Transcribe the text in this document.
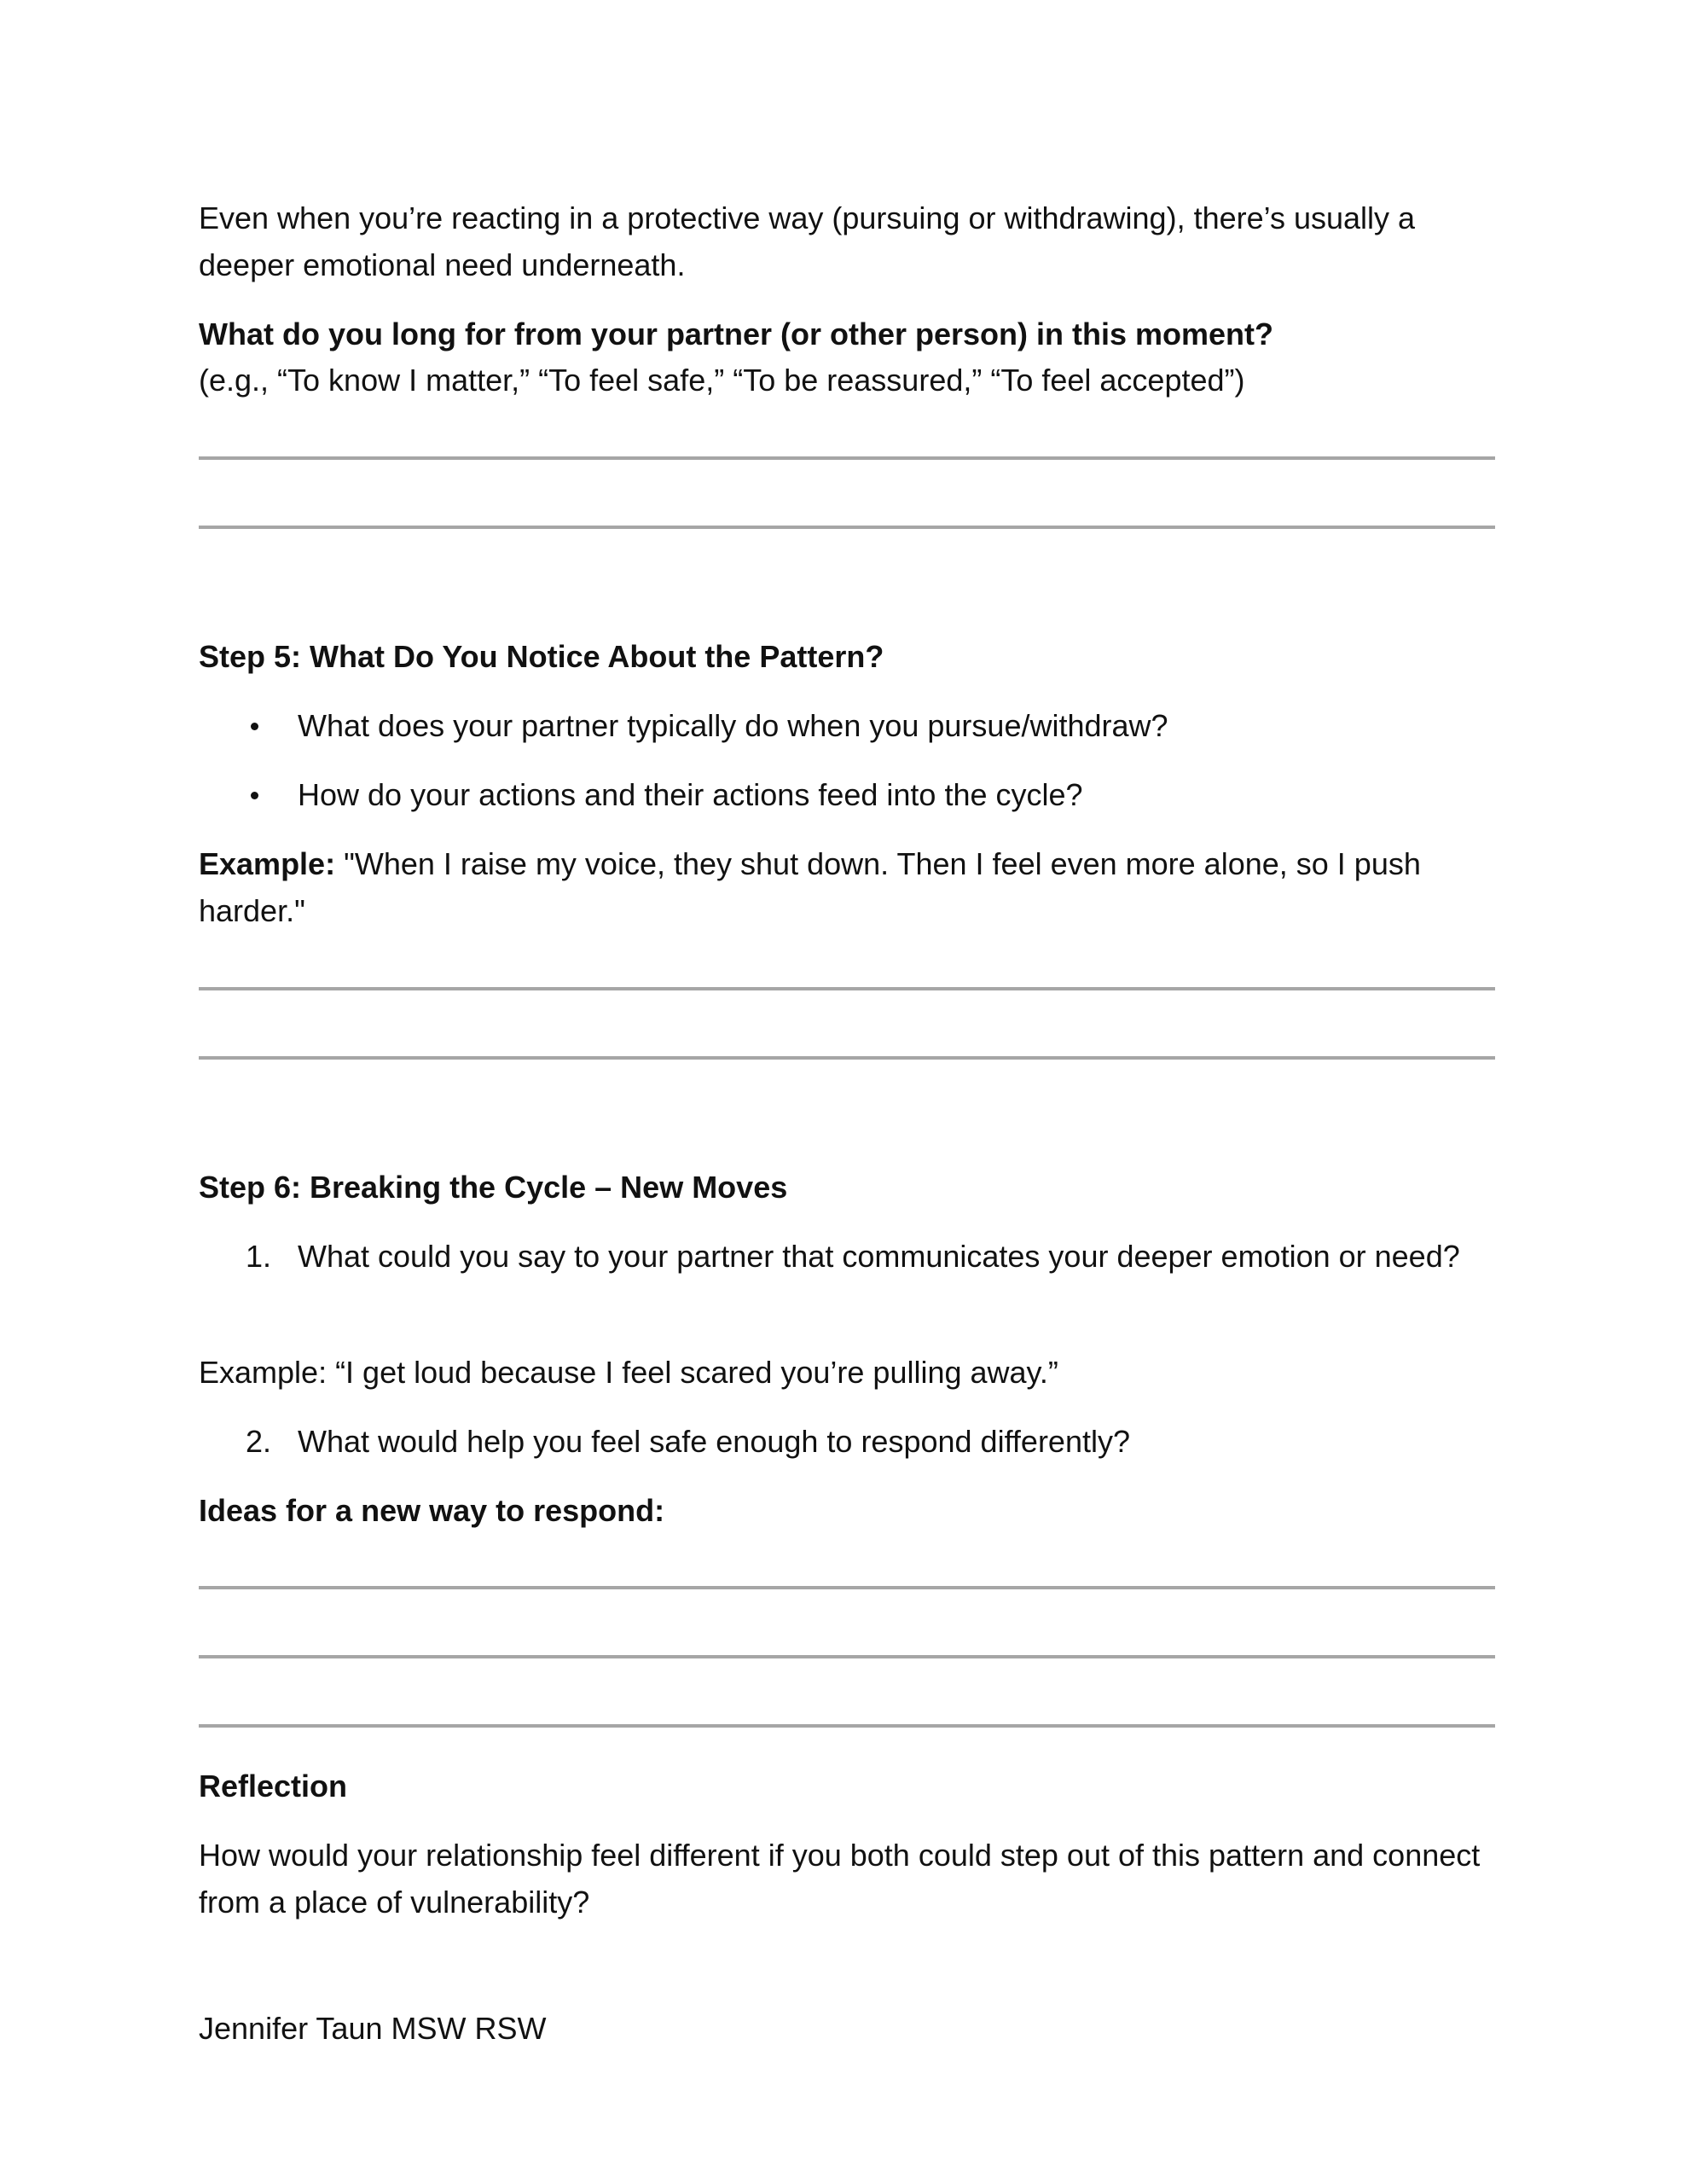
Even when you’re reacting in a protective way (pursuing or withdrawing), there’s usually a deeper emotional need underneath.

What do you long for from your partner (or other person) in this moment?

(e.g., “To know I matter,” “To feel safe,” “To be reassured,” “To feel accepted”)

Step 5: What Do You Notice About the Pattern?

What does your partner typically do when you pursue/withdraw?
How do your actions and their actions feed into the cycle?

Example: "When I raise my voice, they shut down. Then I feel even more alone, so I push harder."

Step 6: Breaking the Cycle – New Moves

1. What could you say to your partner that communicates your deeper emotion or need?

Example: “I get loud because I feel scared you’re pulling away.”

2. What would help you feel safe enough to respond differently?

Ideas for a new way to respond:

Reflection

How would your relationship feel different if you both could step out of this pattern and connect from a place of vulnerability?

Jennifer Taun MSW RSW
